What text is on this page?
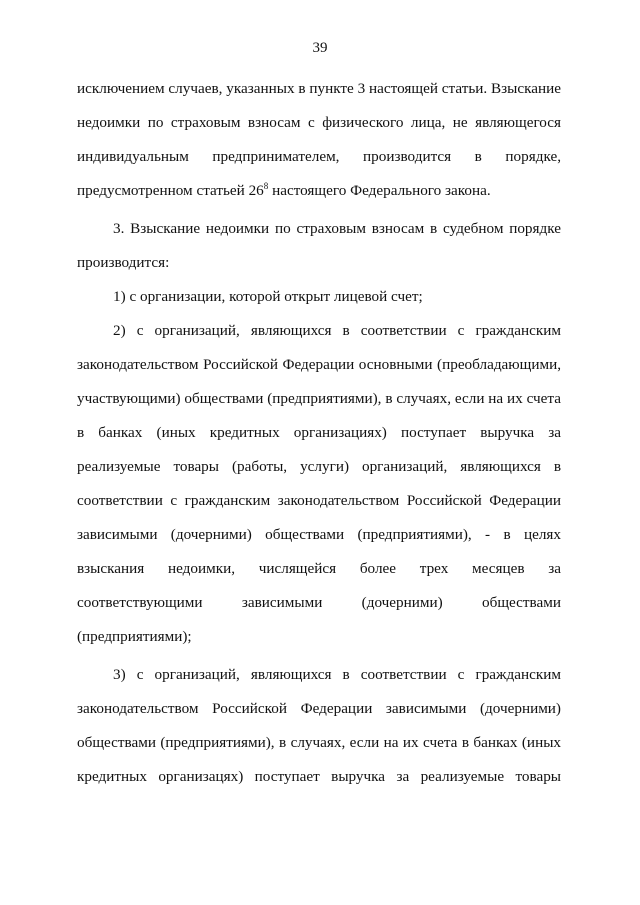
39
исключением случаев, указанных в пункте 3 настоящей статьи. Взыскание
недоимки по страховым взносам с физического лица, не являющегося
индивидуальным предпринимателем, производится в порядке,
предусмотренном статьей $26^8$ настоящего Федерального закона.
3. Взыскание недоимки по страховым взносам в судебном порядке
производится:
1) с организации, которой открыт лицевой счет;
2) с организаций, являющихся в соответствии с гражданским
законодательством Российской Федерации основными (преобладающими,
участвующими) обществами (предприятиями), в случаях, если на их счета
в банках (иных кредитных организациях) поступает выручка за
реализуемые товары (работы, услуги) организаций, являющихся в
соответствии с гражданским законодательством Российской Федерации
зависимыми (дочерними) обществами (предприятиями), - в целях
взыскания недоимки, числящейся более трех месяцев за
соответствующими зависимыми (дочерними) обществами
(предприятиями);
3) с организаций, являющихся в соответствии с гражданским
законодательством Российской Федерации зависимыми (дочерними)
обществами (предприятиями), в случаях, если на их счета в банках (иных
кредитных организацях) поступает выручка за реализуемые товары
